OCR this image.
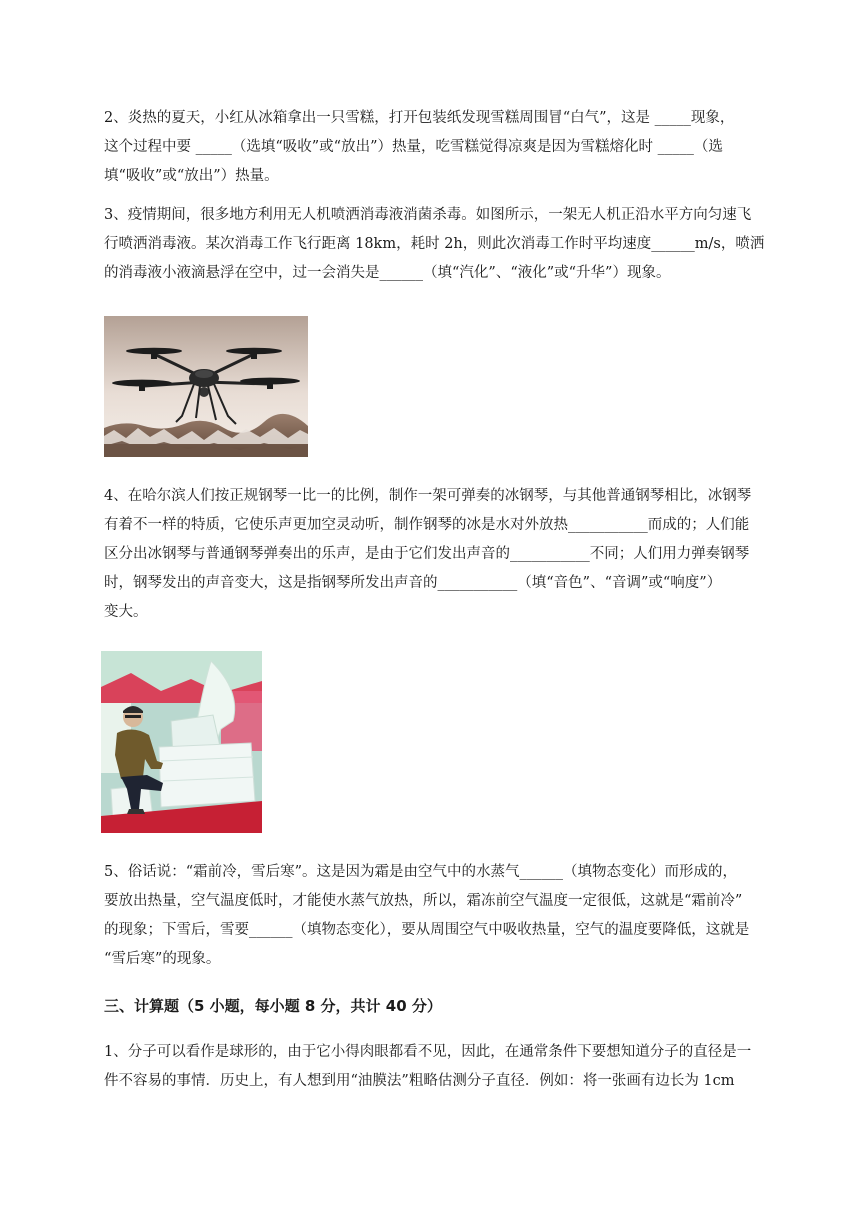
2、炎热的夏天，小红从冰箱拿出一只雪糕，打开包装纸发现雪糕周围冒“白气”，这是 _____现象，
这个过程中要 _____（选填“吸收”或“放出”）热量，吃雪糕觉得凉爽是因为雪糕熔化时 _____（选
填“吸收”或“放出”）热量。
3、疫情期间，很多地方利用无人机喷洒消毒液消菌杀毒。如图所示，一架无人机正沿水平方向匀速飞
行喷洒消毒液。某次消毒工作飞行距离 18km，耗时 2h，则此次消毒工作时平均速度______m/s，喷洒
的消毒液小液滴悬浮在空中，过一会消失是______（填“汽化”、“液化”或“升华”）现象。
4、在哈尔滨人们按正规钢琴一比一的比例，制作一架可弹奏的冰钢琴，与其他普通钢琴相比，冰钢琴
有着不一样的特质，它使乐声更加空灵动听，制作钢琴的冰是水对外放热___________而成的；人们能
区分出冰钢琴与普通钢琴弹奏出的乐声，是由于它们发出声音的___________不同；人们用力弹奏钢琴
时，钢琴发出的声音变大，这是指钢琴所发出声音的___________（填“音色”、“音调”或“响度”）
变大。
5、俗话说：“霜前冷，雪后寒”。这是因为霜是由空气中的水蒸气______（填物态变化）而形成的，
要放出热量，空气温度低时，才能使水蒸气放热，所以，霜冻前空气温度一定很低，这就是“霜前冷”
的现象；下雪后，雪要______（填物态变化），要从周围空气中吸收热量，空气的温度要降低，这就是
“雪后寒”的现象。
三、计算题（5 小题，每小题 8 分，共计 40 分）
1、分子可以看作是球形的，由于它小得肉眼都看不见，因此，在通常条件下要想知道分子的直径是一
件不容易的事情．历史上，有人想到用“油膜法”粗略估测分子直径．例如：将一张画有边长为 1cm
